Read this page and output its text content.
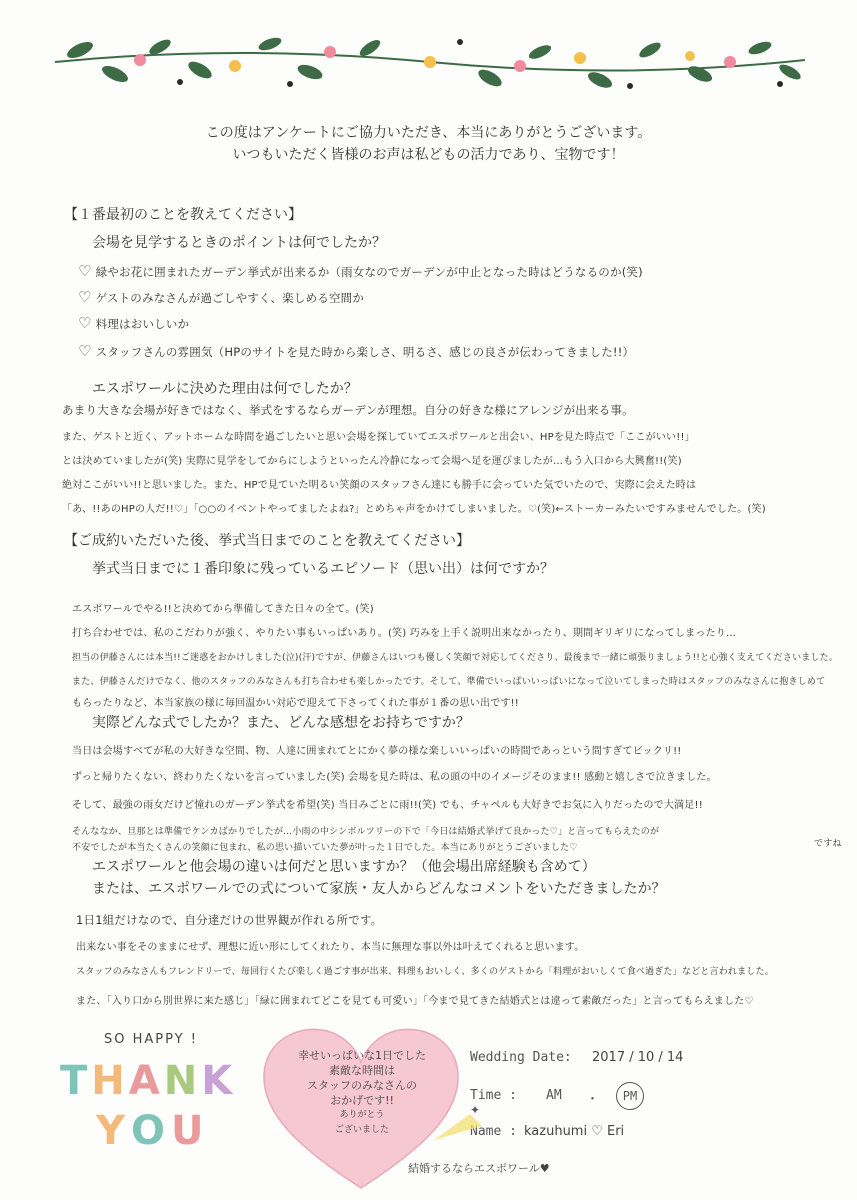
この度はアンケートにご協力いただき、本当にありがとうございます。
いつもいただく皆様のお声は私どもの活力であり、宝物です！
【１番最初のことを教えてください】
会場を見学するときのポイントは何でしたか？
♡ 緑やお花に囲まれたガーデン挙式が出来るか（雨女なのでガーデンが中止となった時はどうなるのか(笑)
♡ ゲストのみなさんが過ごしやすく、楽しめる空間か
♡ 料理はおいしいか
♡ スタッフさんの雰囲気（HPのサイトを見た時から楽しさ、明るさ、感じの良さが伝わってきました!!）
エスポワールに決めた理由は何でしたか？
あまり大きな会場が好きではなく、挙式をするならガーデンが理想。自分の好きな様にアレンジが出来る事。
また、ゲストと近く、アットホームな時間を過ごしたいと思い会場を探していてエスポワールと出会い、HPを見た時点で「ここがいい!!」
とは決めていましたが(笑) 実際に見学をしてからにしようといったん冷静になって会場へ足を運びましたが…もう入口から大興奮!!(笑)
絶対ここがいい!!と思いました。また、HPで見ていた明るい笑顔のスタッフさん達にも勝手に会っていた気でいたので、実際に会えた時は
「あ、!!あのHPの人だ!!♡」「○○のイベントやってましたよね?」とめちゃ声をかけてしまいました。♡(笑)←ストーカーみたいですみませんでした。(笑)
【ご成約いただいた後、挙式当日までのことを教えてください】
挙式当日までに１番印象に残っているエピソード（思い出）は何ですか？
エスポワールでやる!!と決めてから準備してきた日々の全て。(笑)
打ち合わせでは、私のこだわりが強く、やりたい事もいっぱいあり。(笑) 巧みを上手く説明出来なかったり、期間ギリギリになってしまったり…
担当の伊藤さんには本当!!ご迷惑をおかけしました(泣)(汗)ですが、伊藤さんはいつも優しく笑顔で対応してくださり、最後まで一緒に頑張りましょう!!と心強く支えてくださいました。
また、伊藤さんだけでなく、他のスタッフのみなさんも打ち合わせも楽しかったです。そして、準備でいっぱいいっぱいになって泣いてしまった時はスタッフのみなさんに抱きしめて
もらったりなど、本当家族の様に毎回温かい対応で迎えて下さってくれた事が１番の思い出です!!
実際どんな式でしたか？また、どんな感想をお持ちですか？
当日は会場すべてが私の大好きな空間、物、人達に囲まれてとにかく夢の様な楽しいいっぱいの時間であっという間すぎてビックリ!!
ずっと帰りたくない、終わりたくないを言っていました(笑) 会場を見た時は、私の頭の中のイメージそのまま!! 感動と嬉しさで泣きました。
そして、最強の雨女だけど憧れのガーデン挙式を希望(笑) 当日みごとに雨!!(笑) でも、チャペルも大好きでお気に入りだったので大満足!!
そんななか、旦那とは準備でケンカばかりでしたが…小雨の中シンボルツリーの下で「今日は結婚式挙げて良かった♡」と言ってもらえたのが
不安でしたが本当たくさんの笑顔に包まれ、私の思い描いていた夢が叶った１日でした。本当にありがとうございました♡	ですね
エスポワールと他会場の違いは何だと思いますか？（他会場出席経験も含めて）
または、エスポワールでの式について家族・友人からどんなコメントをいただきましたか？
1日1組だけなので、自分達だけの世界観が作れる所です。
出来ない事をそのままにせず、理想に近い形にしてくれたり、本当に無理な事以外は叶えてくれると思います。
スタッフのみなさんもフレンドリーで、毎回行くたび楽しく過ごす事が出来、料理もおいしく、多くのゲストから「料理がおいしくて食べ過ぎた」などと言われました。
また、「入り口から別世界に来た感じ」「緑に囲まれてどこを見ても可愛い」「今まで見てきた結婚式とは違って素敵だった」と言ってもらえました♡
SO HAPPY !
T H A N K
Y O U
幸せいっぱいな1日でした
素敵な時間は
スタッフのみなさんの
おかげです!!
ありがとう
ございました
Wedding Date: 2017 / 10 / 14
Time : AM ・	PM
Name : kazuhumi ♡ Eri
結婚するならエスポワール♥
✦
